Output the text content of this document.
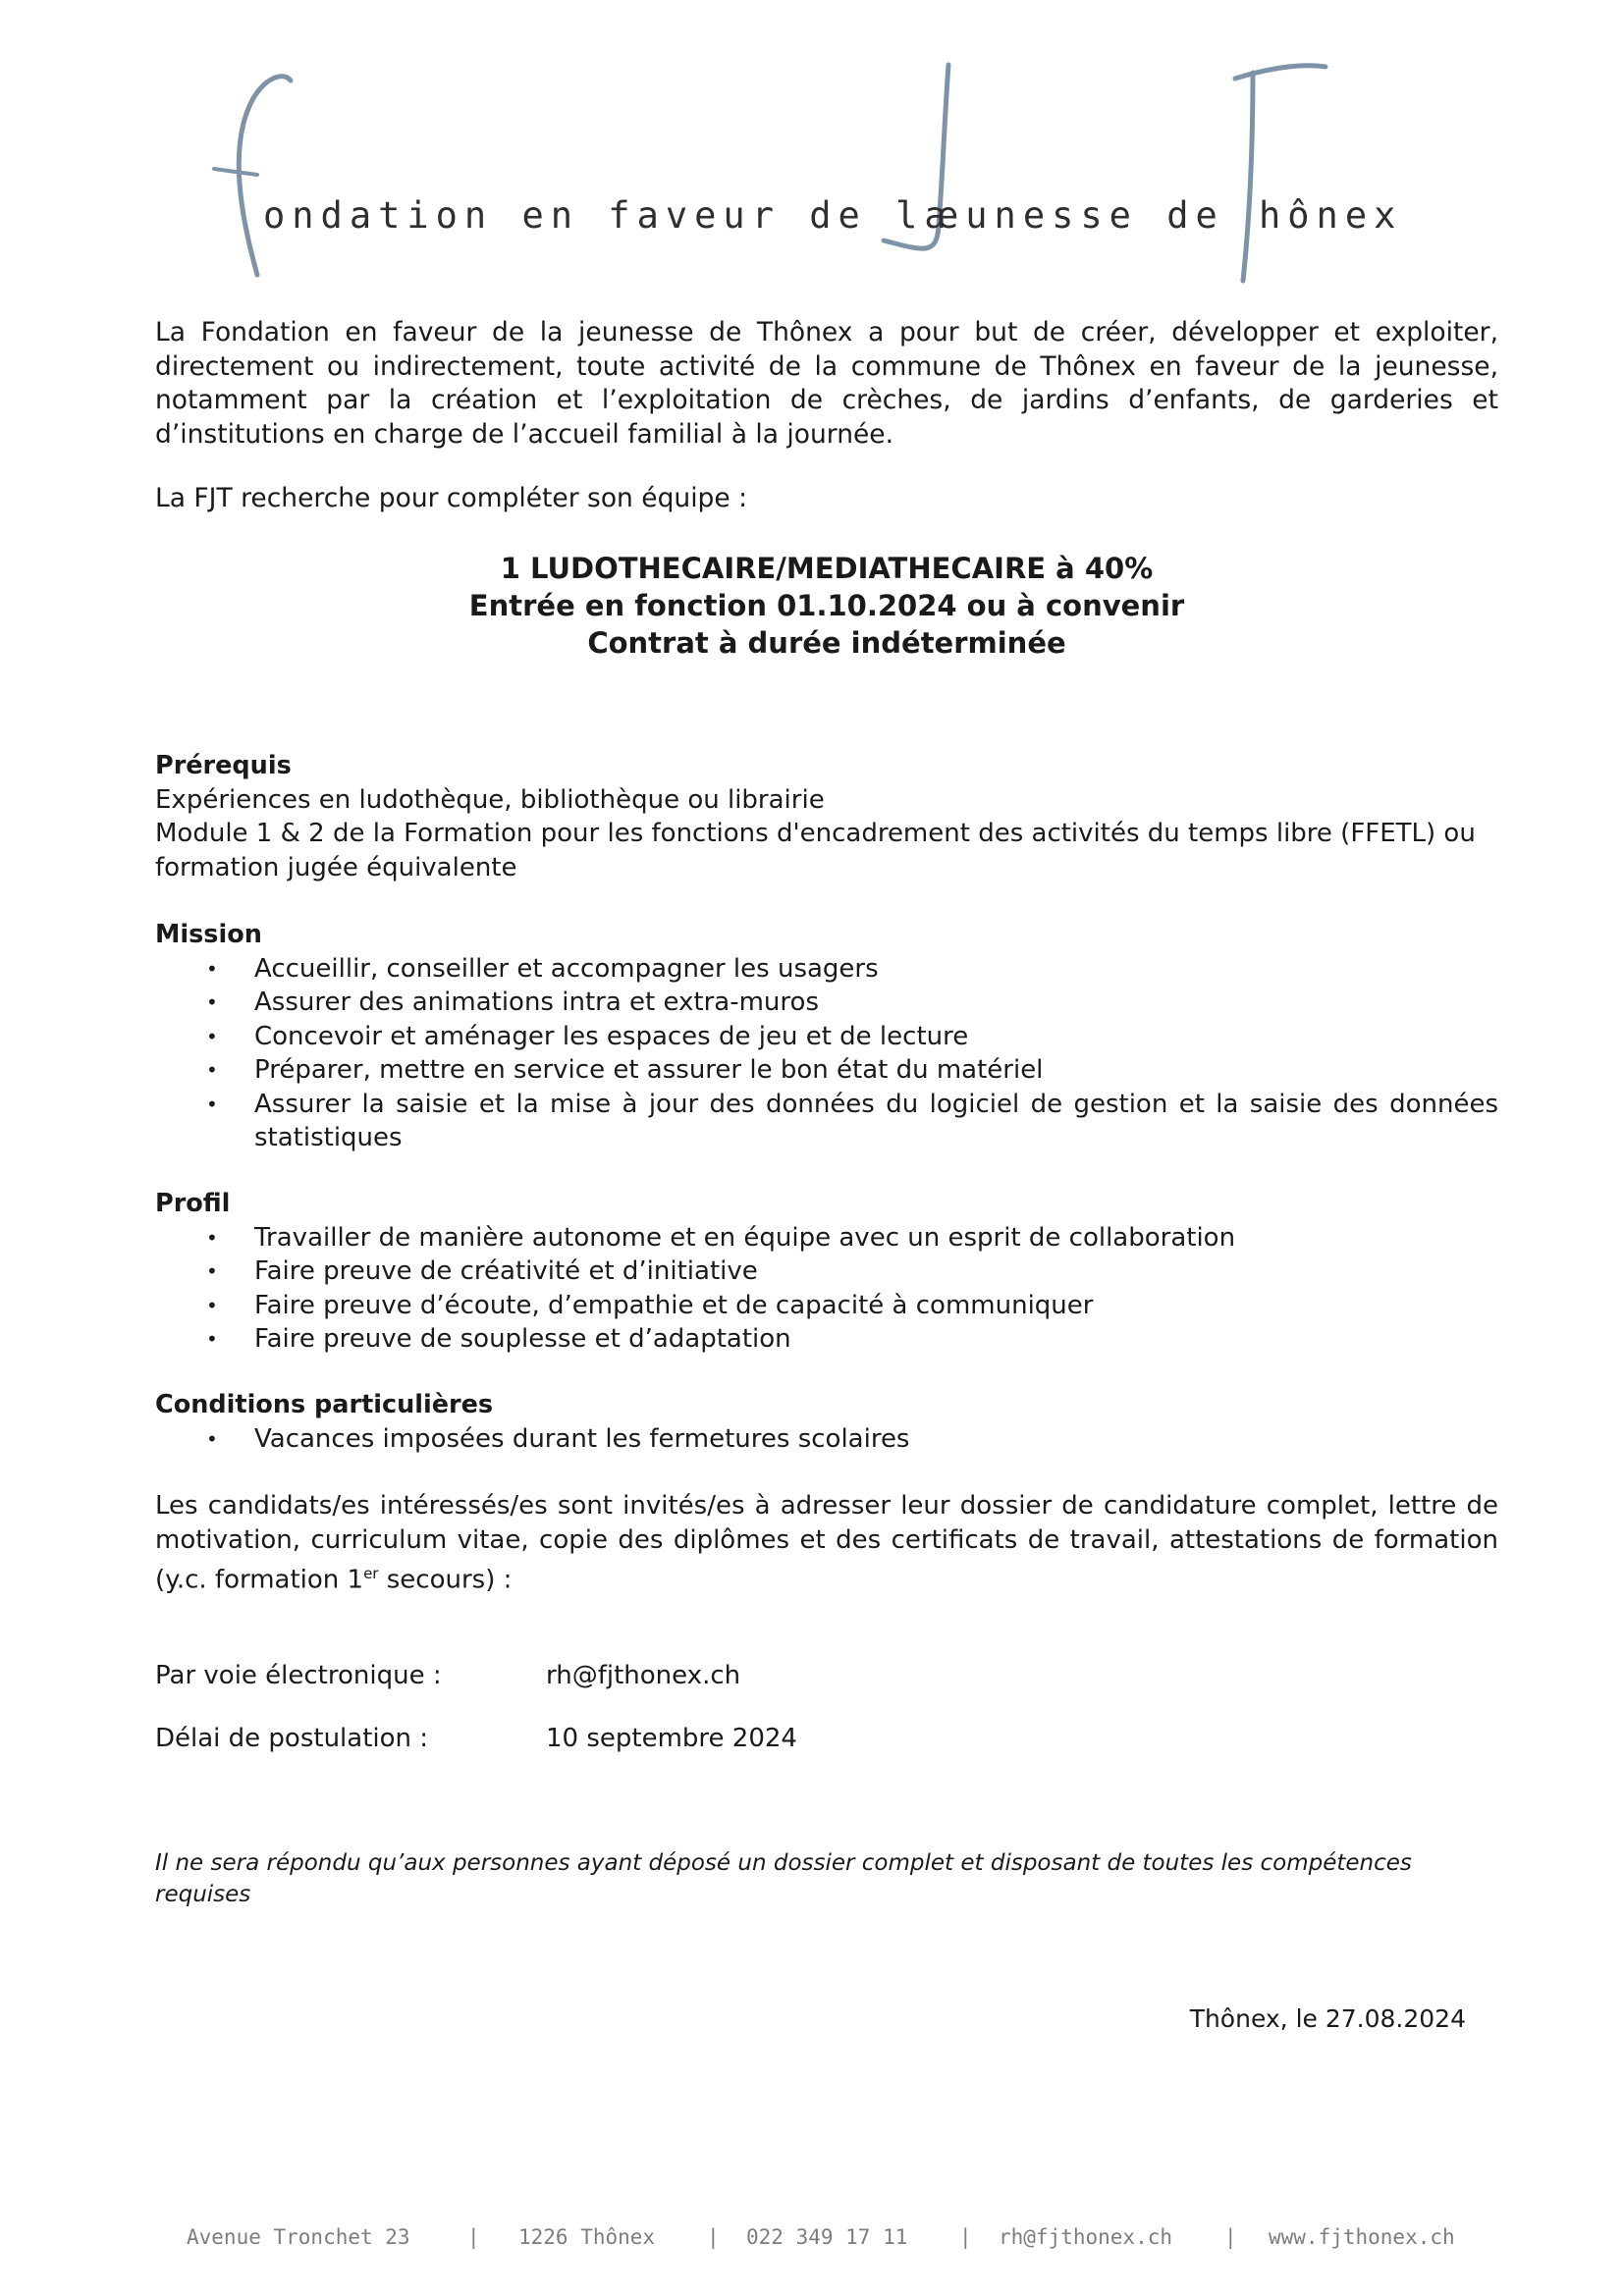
ondation en faveur de la
eunesse de hônex

La Fondation en faveur de la jeunesse de Thônex a pour but de créer, développer et exploiter, directement ou indirectement, toute activité de la commune de Thônex en faveur de la jeunesse, notamment par la création et l’exploitation de crèches, de jardins d’enfants, de garderies et d’institutions en charge de l’accueil familial à la journée.

La FJT recherche pour compléter son équipe :

1 LUDOTHECAIRE/MEDIATHECAIRE à 40%
Entrée en fonction 01.10.2024 ou à convenir
Contrat à durée indéterminée
Prérequis
Expériences en ludothèque, bibliothèque ou librairie
Module 1 & 2 de la Formation pour les fonctions d'encadrement des activités du temps libre (FFETL) ou formation jugée équivalente
Mission
• Accueillir, conseiller et accompagner les usagers
• Assurer des animations intra et extra-muros
• Concevoir et aménager les espaces de jeu et de lecture
• Préparer, mettre en service et assurer le bon état du matériel
• Assurer la saisie et la mise à jour des données du logiciel de gestion et la saisie des données statistiques
Profil
• Travailler de manière autonome et en équipe avec un esprit de collaboration
• Faire preuve de créativité et d’initiative
• Faire preuve d’écoute, d’empathie et de capacité à communiquer
• Faire preuve de souplesse et d’adaptation
Conditions particulières
• Vacances imposées durant les fermetures scolaires

Les candidats/es intéressés/es sont invités/es à adresser leur dossier de candidature complet, lettre de motivation, curriculum vitae, copie des diplômes et des certificats de travail, attestations de formation (y.c. formation 1er secours) :

Par voie électronique :	rh@fjthonex.ch
Délai de postulation :	10 septembre 2024

Il ne sera répondu qu’aux personnes ayant déposé un dossier complet et disposant de toutes les compétences requises

Thônex, le 27.08.2024
Avenue Tronchet 23	| 1226 Thônex	| 022 349 17 11	| rh@fjthonex.ch	| www.fjthonex.ch
